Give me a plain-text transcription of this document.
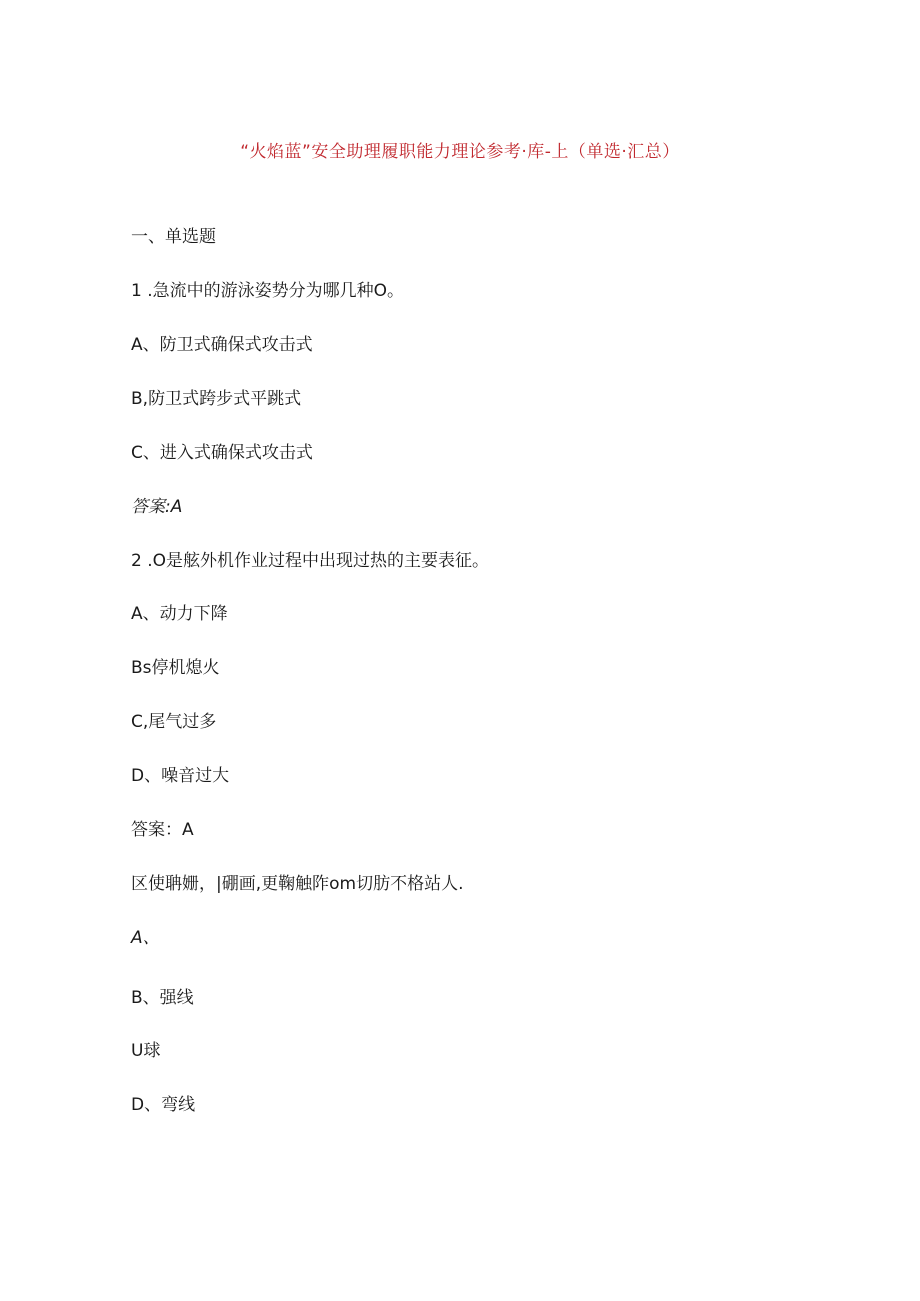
“火焰蓝”安全助理履职能力理论参考·库-上（单选·汇总）
一、单选题
1 .急流中的游泳姿势分为哪几种O。
A、防卫式确保式攻击式
B,防卫式跨步式平跳式
C、进入式确保式攻击式
答案:A
2 .O是舷外机作业过程中出现过热的主要表征。
A、动力下降
Bs停机熄火
C,尾气过多
D、噪音过大
答案：A
区使聃姗，|硼画,更鞠触阼om切肪不格站人.
A、
B、强线
U球
D、弯线
